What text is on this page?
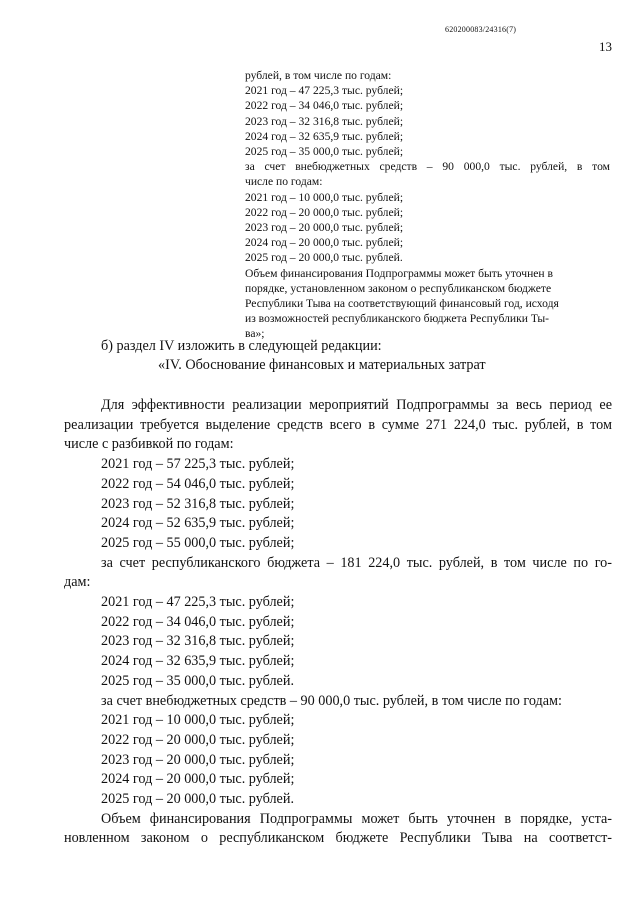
620200083/24316(7)
13
рублей, в том числе по годам:
2021 год – 47 225,3 тыс. рублей;
2022 год – 34 046,0 тыс. рублей;
2023 год – 32 316,8 тыс. рублей;
2024 год – 32 635,9 тыс. рублей;
2025 год – 35 000,0 тыс. рублей;
за счет внебюджетных средств – 90 000,0 тыс. рублей, в том
числе по годам:
2021 год – 10 000,0 тыс. рублей;
2022 год – 20 000,0 тыс. рублей;
2023 год – 20 000,0 тыс. рублей;
2024 год – 20 000,0 тыс. рублей;
2025 год – 20 000,0 тыс. рублей.
Объем финансирования Подпрограммы может быть уточнен в
порядке, установленном законом о республиканском бюджете
Республики Тыва на соответствующий финансовый год, исходя
из возможностей республиканского бюджета Республики Ты-
ва»;
б) раздел IV изложить в следующей редакции:
«IV. Обоснование финансовых и материальных затрат
Для эффективности реализации мероприятий Подпрограммы за весь период ее
реализации требуется выделение средств всего в сумме 271 224,0 тыс. рублей, в том
числе с разбивкой по годам:
2021 год – 57 225,3 тыс. рублей;
2022 год – 54 046,0 тыс. рублей;
2023 год – 52 316,8 тыс. рублей;
2024 год – 52 635,9 тыс. рублей;
2025 год – 55 000,0 тыс. рублей;
за счет республиканского бюджета – 181 224,0 тыс. рублей, в том числе по го-
дам:
2021 год – 47 225,3 тыс. рублей;
2022 год – 34 046,0 тыс. рублей;
2023 год – 32 316,8 тыс. рублей;
2024 год – 32 635,9 тыс. рублей;
2025 год – 35 000,0 тыс. рублей.
за счет внебюджетных средств – 90 000,0 тыс. рублей, в том числе по годам:
2021 год – 10 000,0 тыс. рублей;
2022 год – 20 000,0 тыс. рублей;
2023 год – 20 000,0 тыс. рублей;
2024 год – 20 000,0 тыс. рублей;
2025 год – 20 000,0 тыс. рублей.
Объем финансирования Подпрограммы может быть уточнен в порядке, уста-
новленном законом о республиканском бюджете Республики Тыва на соответст-
